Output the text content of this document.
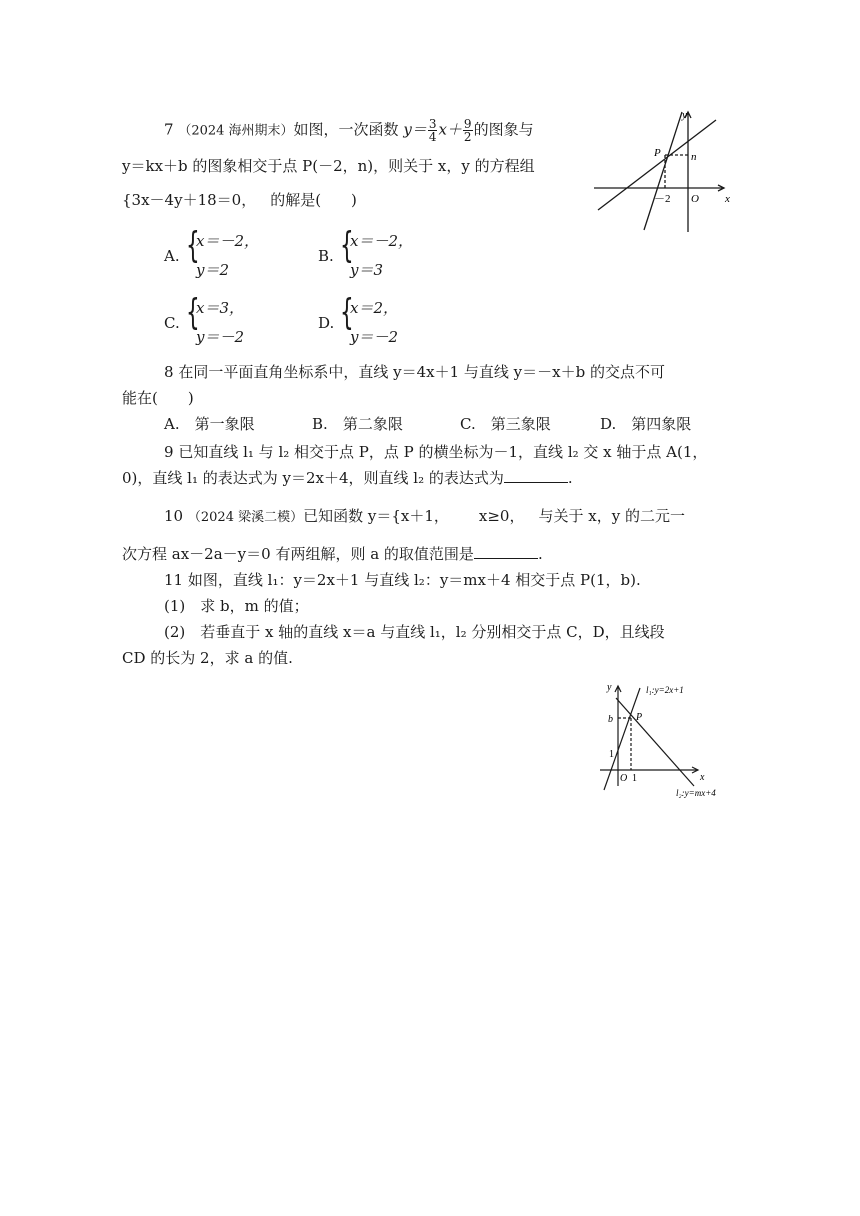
7 （2024 海州期末）如图，一次函数 $y= \frac{3}{4} x+ \frac{9}{2}$ 的图象与
y＝kx＋b 的图象相交于点 P(－2，n)，则关于 x，y 的方程组
{3x－4y＋18＝0， 的解是(　　)
A. {
x＝－2，
y＝2
B. {
x＝－2，
y＝3
C. {
x＝3，
y＝－2
D. {
x＝2，
y＝－2
y
x
O
P	n
－2
8 在同一平面直角坐标系中，直线 y＝4x＋1 与直线 y＝－x＋b 的交点不可
能在(　　)
A.　 第一象限	B.　 第二象限	C.　 第三象限	D.　 第四象限
9 已知直线 l₁ 与 l₂ 相交于点 P，点 P 的横坐标为－1，直线 l₂ 交 x 轴于点 A(1，
0)，直线 l₁ 的表达式为 y＝2x＋4，则直线 l₂ 的表达式为	.
10 （2024 梁溪二模）已知函数 y＝{x＋1， x≥0， 与关于 x，y 的二元一
次方程 ax－2a－y＝0 有两组解，则 a 的取值范围是	.
11 如图，直线 l₁：y＝2x＋1 与直线 l₂：y＝mx＋4 相交于点 P(1，b).
(1)　 求 b，m 的值；
(2)　 若垂直于 x 轴的直线 x＝a 与直线 l₁，l₂ 分别相交于点 C，D，且线段
CD 的长为 2，求 a 的值.
y
x
O
b
1
1
P
l₁:y=2x+1
l₂:y=mx+4
